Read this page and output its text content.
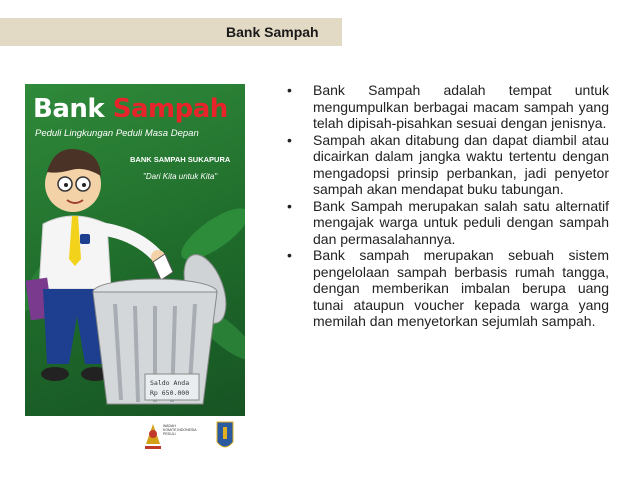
Bank Sampah
Bank Sampah
Peduli Lingkungan Peduli Masa Depan
BANK SAMPAH SUKAPURA
"Dari Kita untuk Kita"
Saldo Anda
Rp 650.000
WADAH
KOMITE INDONESIA
PEDULI
• Bank Sampah adalah tempat untuk mengumpulkan berbagai macam sampah yang telah dipisah-pisahkan sesuai dengan jenisnya.
• Sampah akan ditabung dan dapat diambil atau dicairkan dalam jangka waktu tertentu dengan mengadopsi prinsip perbankan, jadi penyetor sampah akan mendapat buku tabungan.
• Bank Sampah merupakan salah satu alternatif mengajak warga untuk peduli dengan sampah dan permasalahannya.
• Bank sampah merupakan sebuah sistem pengelolaan sampah berbasis rumah tangga, dengan memberikan imbalan berupa uang tunai ataupun voucher kepada warga yang memilah dan menyetorkan sejumlah sampah.
